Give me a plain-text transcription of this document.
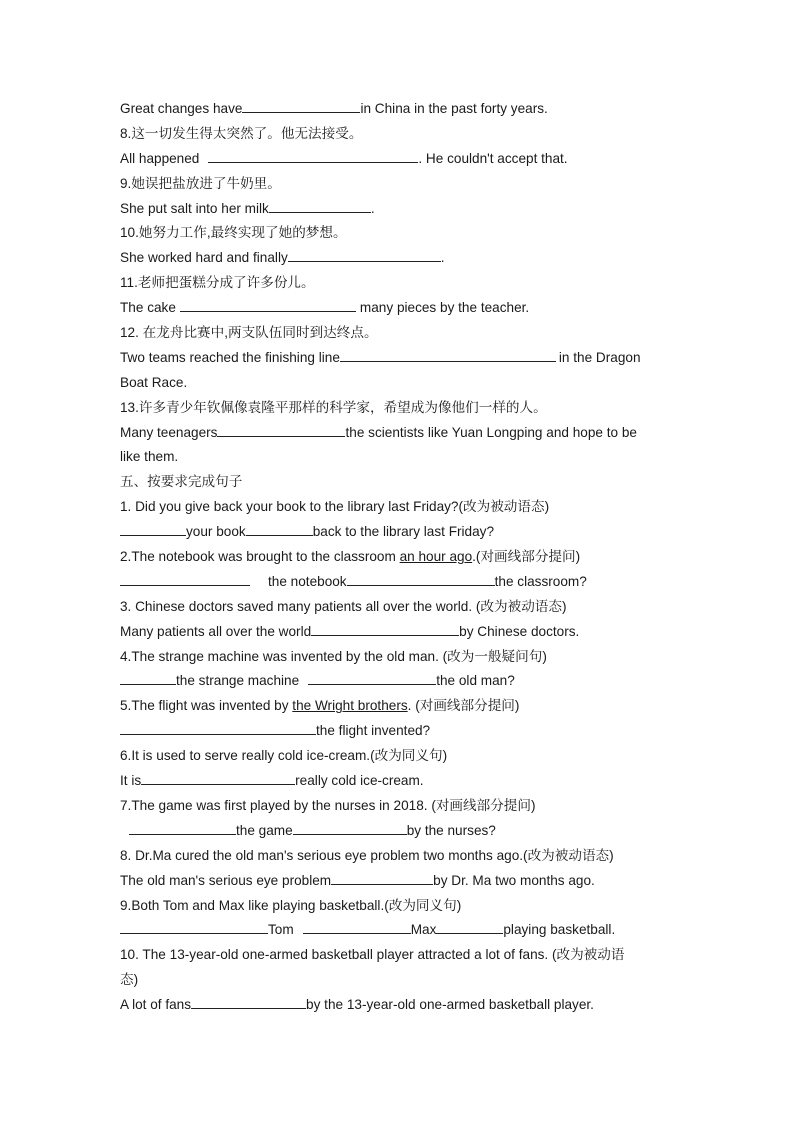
Great changes have	in China in the past forty years.
8.这一切发生得太突然了。他无法接受。
All happened	. He couldn't accept that.
9.她误把盐放进了牛奶里。
She put salt into her milk	.
10.她努力工作,最终实现了她的梦想。
She worked hard and finally	.
11.老师把蛋糕分成了许多份儿。
The cake	many pieces by the teacher.
12. 在龙舟比赛中,两支队伍同时到达终点。
Two teams reached the finishing line	in the Dragon
Boat Race.
13.许多青少年钦佩像袁隆平那样的科学家，希望成为像他们一样的人。
Many teenagers	the scientists like Yuan Longping and hope to be
like them.
五、按要求完成句子
1. Did you give back your book to the library last Friday?(改为被动语态)
your book	back to the library last Friday?
2.The notebook was brought to the classroom an hour ago.(对画线部分提问)
the notebook	the classroom?
3. Chinese doctors saved many patients all over the world. (改为被动语态)
Many patients all over the world	by Chinese doctors.
4.The strange machine was invented by the old man. (改为一般疑问句)
the strange machine	the old man?
5.The flight was invented by the Wright brothers. (对画线部分提问)
the flight invented?
6.It is used to serve really cold ice-cream.(改为同义句)
It is	really cold ice-cream.
7.The game was first played by the nurses in 2018. (对画线部分提问)
the game	by the nurses?
8. Dr.Ma cured the old man's serious eye problem two months ago.(改为被动语态)
The old man's serious eye problem	by Dr. Ma two months ago.
9.Both Tom and Max like playing basketball.(改为同义句)
Tom	Max	playing basketball.
10. The 13-year-old one-armed basketball player attracted a lot of fans. (改为被动语
态)
A lot of fans	by the 13-year-old one-armed basketball player.
